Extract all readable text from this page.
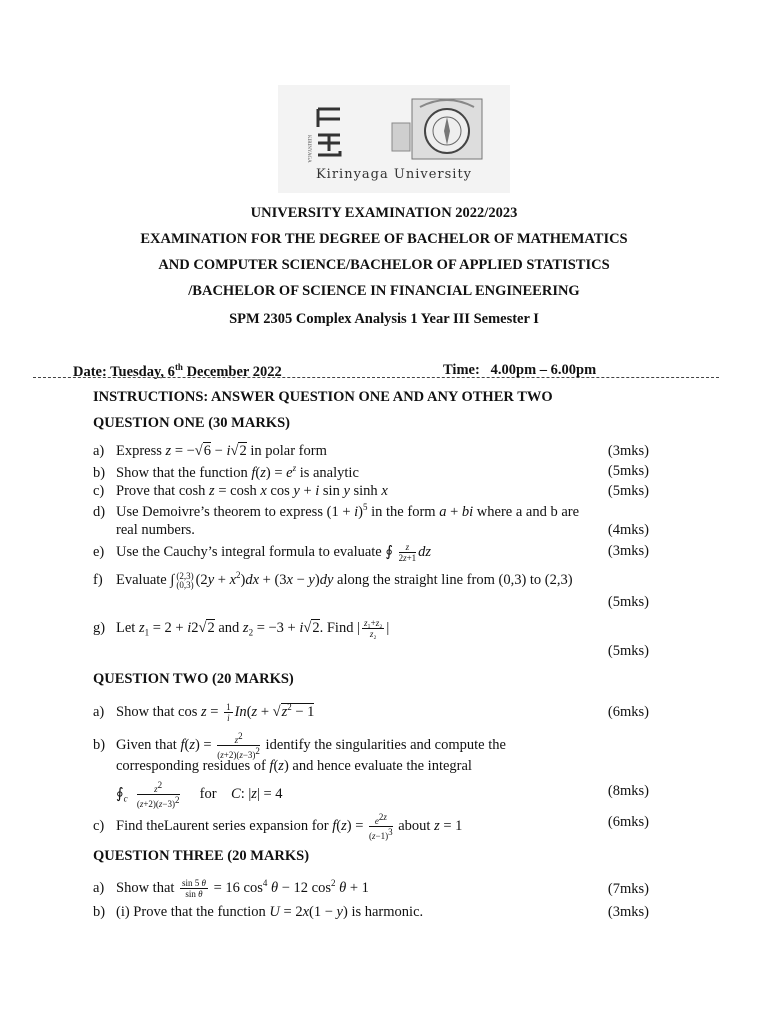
KIRINYAGA
Kirinyaga University
UNIVERSITY EXAMINATION 2022/2023
EXAMINATION FOR THE DEGREE OF BACHELOR OF MATHEMATICS
AND COMPUTER SCIENCE/BACHELOR OF APPLIED STATISTICS
/BACHELOR OF SCIENCE IN FINANCIAL ENGINEERING
SPM 2305 Complex Analysis 1 Year III Semester I
Date: Tuesday, 6th December 2022	Time:   4.00pm – 6.00pm
INSTRUCTIONS: ANSWER QUESTION ONE AND ANY OTHER TWO
QUESTION ONE (30 MARKS)
a) Express z = −√6 − i√2 in polar form	(3mks)
b) Show that the function $f(z) = e^z$ is analytic	(5mks)
c) Prove that cosh z = cosh x cos y + i sin y sinh x	(5mks)
d) Use Demoivre’s theorem to express $(1 + i)^5$ in the form a + bi where a and b are
real numbers.	(4mks)
e) Use the Cauchy’s integral formula to evaluate ∮ $\frac{z}{2z+1}$ dz	(3mks)
f) Evaluate ∫ (2,3)
(0,3) $(2y + x^2)dx + (3x - y)dy$ along the straight line from (0,3) to (2,3)
(5mks)
g) Let $z_1 = 2 + i2√2$ and $z_2 = -3 + i√2$. Find | $\frac{\text{z₁+z₂}}{\text{z₂}}$ |
(5mks)
QUESTION TWO (20 MARKS)
a) Show that $\cos z = \frac{1}{i} In(z + √z^2 - 1$	(6mks)
b) Given that $f(z) = \frac{z^2}{(z+2)(z-3)^2}$ identify the singularities and compute the
corresponding residues of f(z) and hence evaluate the integral
$∮_c \frac{z^2}{(z+2)(z-3)^2}$ for C: |z| = 4	(8mks)
c) Find theLaurent series expansion for $f(z) = \frac{e^{2z}}{(z-1)^3}$ about z = 1	(6mks)
QUESTION THREE (20 MARKS)
a) Show that $\frac{\sin 5 \theta}{\text{sin θ}} = 16$ $\cos^4 \theta - 12$ $\cos^2 \theta + 1$	(7mks)
b) (i) Prove that the function U = 2x(1 − y) is harmonic.	(3mks)
